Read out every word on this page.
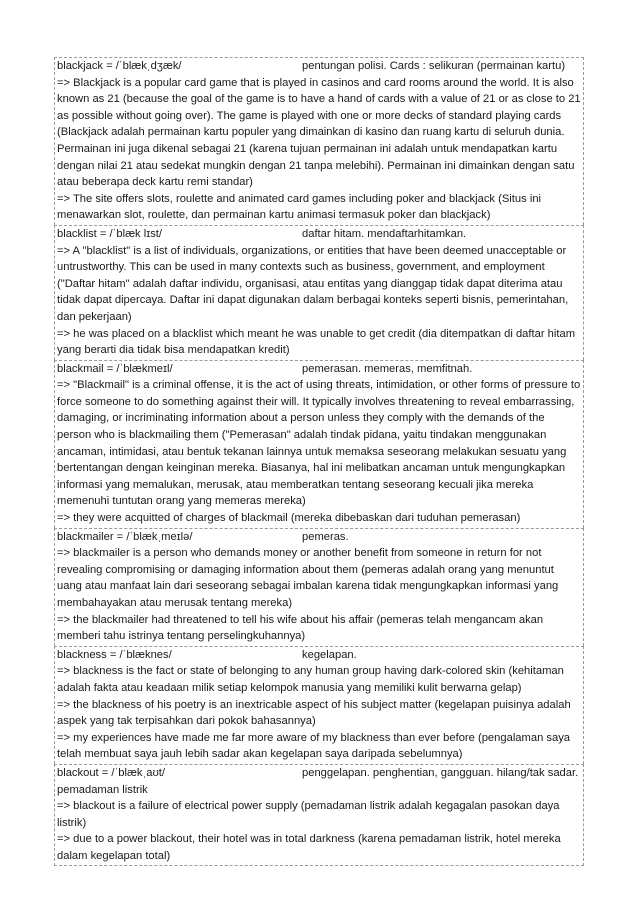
blackjack = /ˈblækˌdʒæk/	pentungan polisi. Cards : selikuran (permainan kartu)
=> Blackjack is a popular card game that is played in casinos and card rooms around the world. It is also known as 21 (because the goal of the game is to have a hand of cards with a value of 21 or as close to 21 as possible without going over). The game is played with one or more decks of standard playing cards (Blackjack adalah permainan kartu populer yang dimainkan di kasino dan ruang kartu di seluruh dunia. Permainan ini juga dikenal sebagai 21 (karena tujuan permainan ini adalah untuk mendapatkan kartu dengan nilai 21 atau sedekat mungkin dengan 21 tanpa melebihi). Permainan ini dimainkan dengan satu atau beberapa deck kartu remi standar)
=> The site offers slots, roulette and animated card games including poker and blackjack (Situs ini menawarkan slot, roulette, dan permainan kartu animasi termasuk poker dan blackjack)
blacklist = /ˈblæk lɪst/	daftar hitam. mendaftarhitamkan.
=> A "blacklist" is a list of individuals, organizations, or entities that have been deemed unacceptable or untrustworthy. This can be used in many contexts such as business, government, and employment ("Daftar hitam" adalah daftar individu, organisasi, atau entitas yang dianggap tidak dapat diterima atau tidak dapat dipercaya. Daftar ini dapat digunakan dalam berbagai konteks seperti bisnis, pemerintahan, dan pekerjaan)
=> he was placed on a blacklist which meant he was unable to get credit (dia ditempatkan di daftar hitam yang berarti dia tidak bisa mendapatkan kredit)
blackmail = /ˈblækmeɪl/	pemerasan. memeras, memfitnah.
=> "Blackmail" is a criminal offense, it is the act of using threats, intimidation, or other forms of pressure to force someone to do something against their will. It typically involves threatening to reveal embarrassing, damaging, or incriminating information about a person unless they comply with the demands of the person who is blackmailing them ("Pemerasan" adalah tindak pidana, yaitu tindakan menggunakan ancaman, intimidasi, atau bentuk tekanan lainnya untuk memaksa seseorang melakukan sesuatu yang bertentangan dengan keinginan mereka. Biasanya, hal ini melibatkan ancaman untuk mengungkapkan informasi yang memalukan, merusak, atau memberatkan tentang seseorang kecuali jika mereka memenuhi tuntutan orang yang memeras mereka)
=> they were acquitted of charges of blackmail (mereka dibebaskan dari tuduhan pemerasan)
blackmailer = /ˈblækˌmeɪlə/	pemeras.
=> blackmailer is a person who demands money or another benefit from someone in return for not revealing compromising or damaging information about them (pemeras adalah orang yang menuntut uang atau manfaat lain dari seseorang sebagai imbalan karena tidak mengungkapkan informasi yang membahayakan atau merusak tentang mereka)
=> the blackmailer had threatened to tell his wife about his affair (pemeras telah mengancam akan memberi tahu istrinya tentang perselingkuhannya)
blackness = /ˈblæknes/	kegelapan.
=> blackness is the fact or state of belonging to any human group having dark-colored skin (kehitaman adalah fakta atau keadaan milik setiap kelompok manusia yang memiliki kulit berwarna gelap)
=> the blackness of his poetry is an inextricable aspect of his subject matter (kegelapan puisinya adalah aspek yang tak terpisahkan dari pokok bahasannya)
=> my experiences have made me far more aware of my blackness than ever before (pengalaman saya telah membuat saya jauh lebih sadar akan kegelapan saya daripada sebelumnya)
blackout = /ˈblækˌaʊt/	penggelapan. penghentian, gangguan. hilang/tak sadar. pemadaman listrik
=> blackout is a failure of electrical power supply (pemadaman listrik adalah kegagalan pasokan daya listrik)
=> due to a power blackout, their hotel was in total darkness (karena pemadaman listrik, hotel mereka dalam kegelapan total)
